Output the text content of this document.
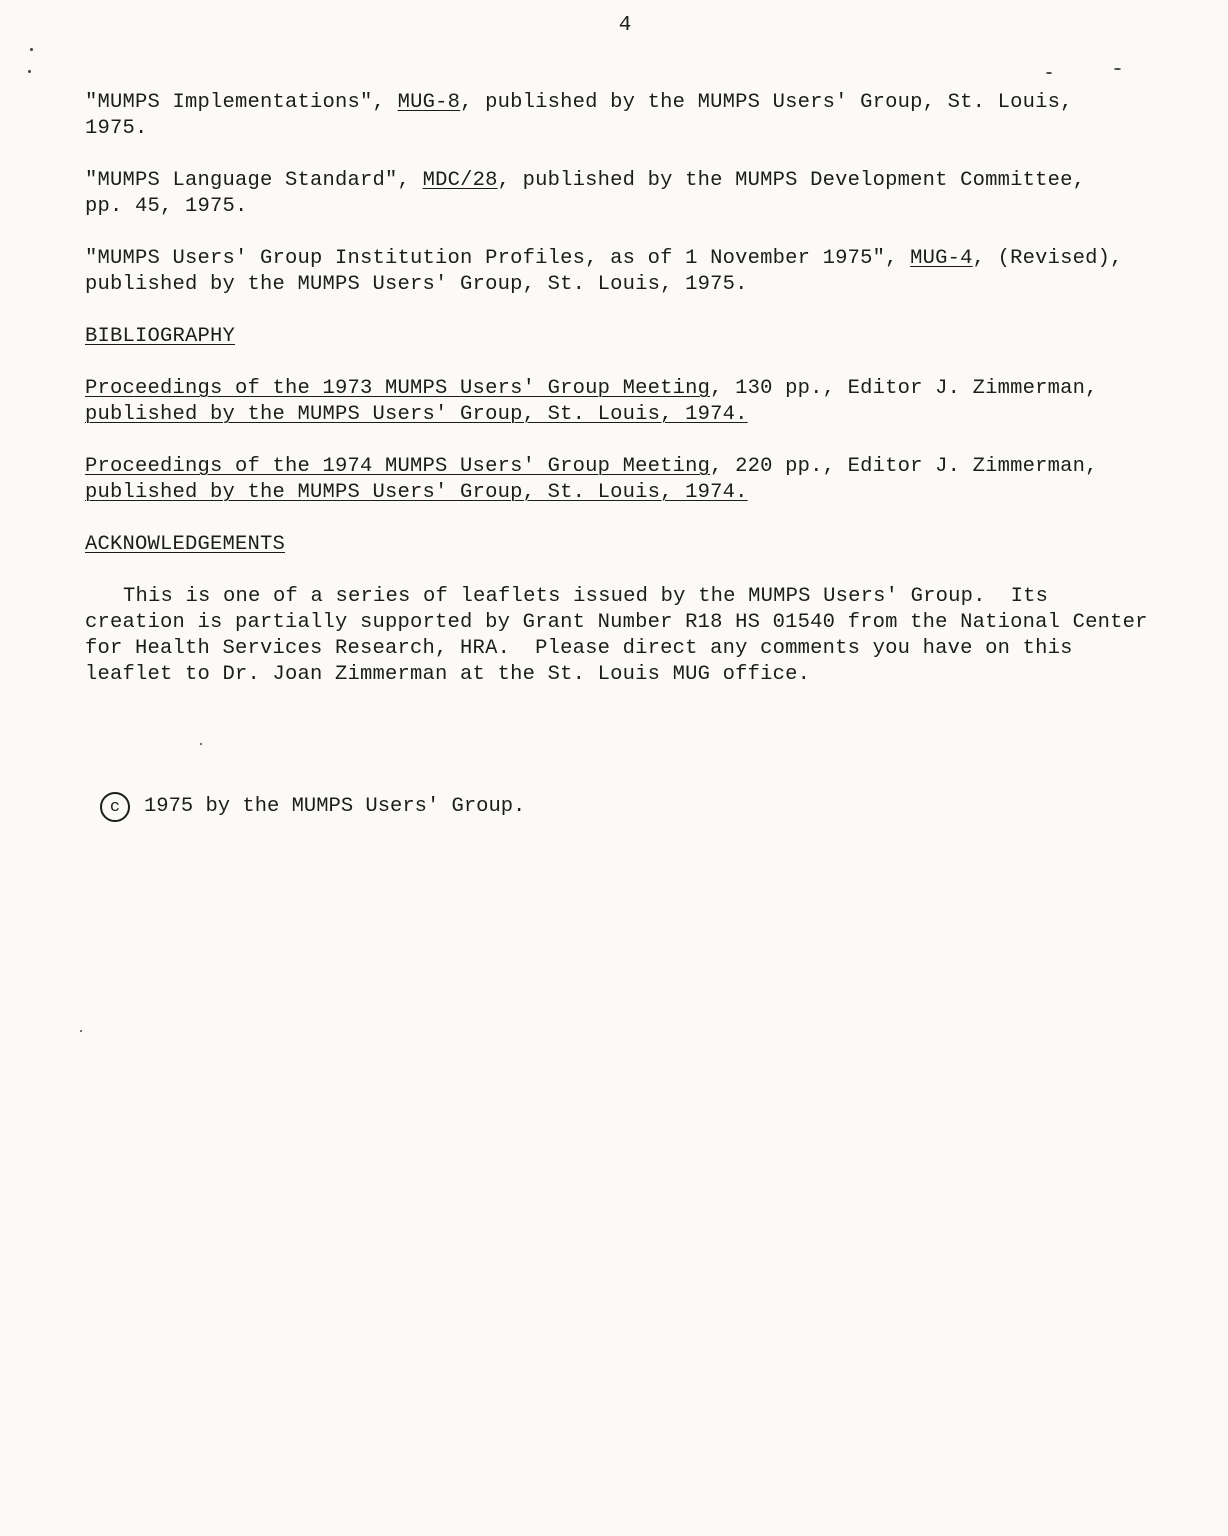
4

"MUMPS Implementations", MUG-8, published by the MUMPS Users' Group, St. Louis,
1975.

"MUMPS Language Standard", MDC/28, published by the MUMPS Development Committee,
pp. 45, 1975.

"MUMPS Users' Group Institution Profiles, as of 1 November 1975", MUG-4, (Revised),
published by the MUMPS Users' Group, St. Louis, 1975.

BIBLIOGRAPHY

Proceedings of the 1973 MUMPS Users' Group Meeting, 130 pp., Editor J. Zimmerman,
published by the MUMPS Users' Group, St. Louis, 1974.

Proceedings of the 1974 MUMPS Users' Group Meeting, 220 pp., Editor J. Zimmerman,
published by the MUMPS Users' Group, St. Louis, 1974.

ACKNOWLEDGEMENTS

This is one of a series of leaflets issued by the MUMPS Users' Group.  Its
creation is partially supported by Grant Number R18 HS 01540 from the National Center
for Health Services Research, HRA.  Please direct any comments you have on this
leaflet to Dr. Joan Zimmerman at the St. Louis MUG office.

c	1975 by the MUMPS Users' Group.
